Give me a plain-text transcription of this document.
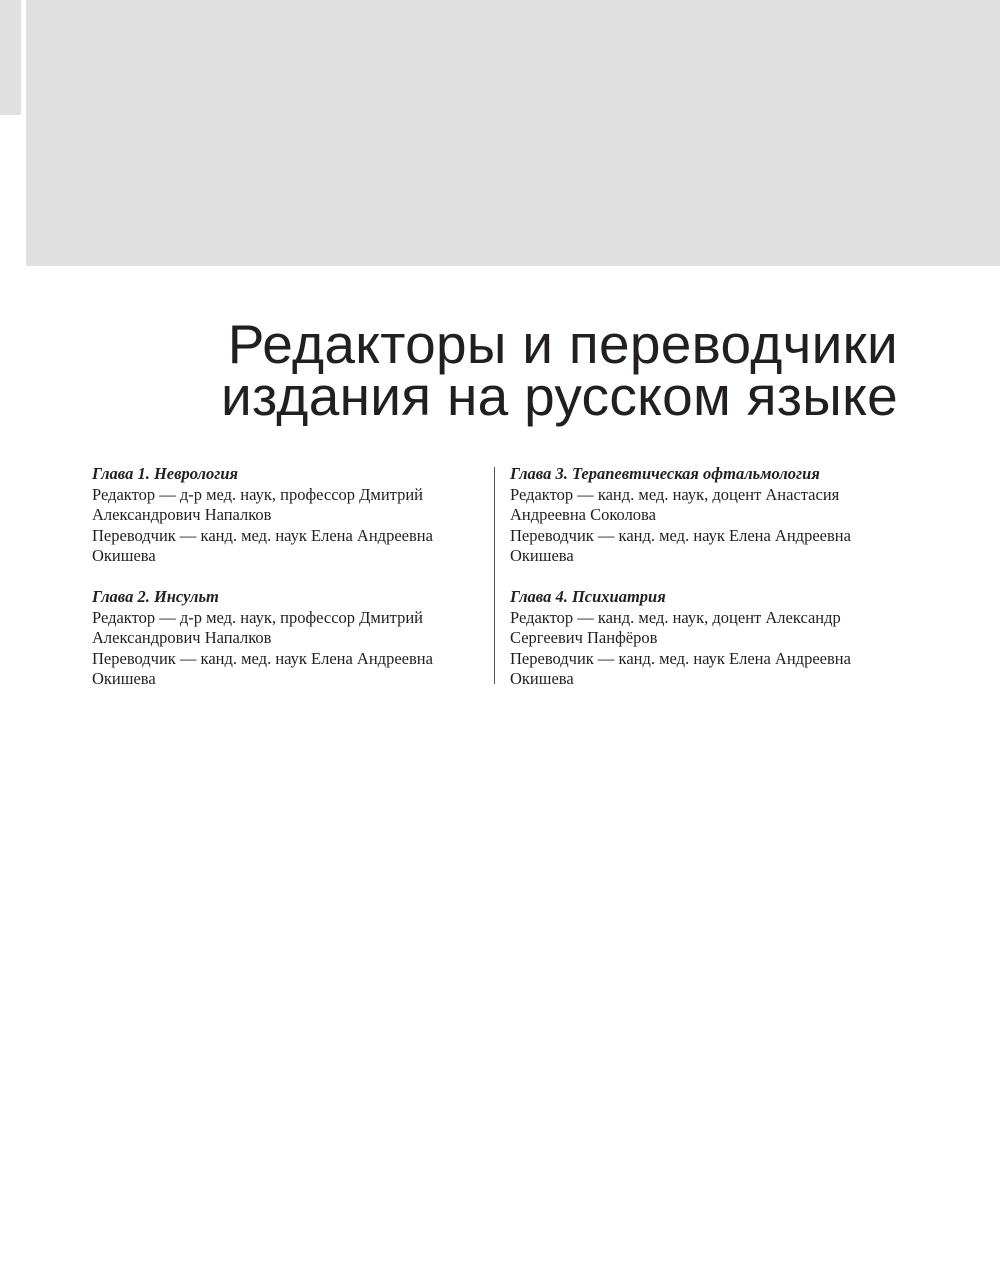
Редакторы и переводчики
издания на русском языке
Глава 1. Неврология
Редактор — д-р мед. наук, профессор Дмитрий Александрович Напалков
Переводчик — канд. мед. наук Елена Андреевна Окишева
Глава 2. Инсульт
Редактор — д-р мед. наук, профессор Дмитрий Александрович Напалков
Переводчик — канд. мед. наук Елена Андреевна Окишева
Глава 3. Терапевтическая офтальмология
Редактор — канд. мед. наук, доцент Анастасия Андреевна Соколова
Переводчик — канд. мед. наук Елена Андреевна Окишева
Глава 4. Психиатрия
Редактор — канд. мед. наук, доцент Александр Сергеевич Панфёров
Переводчик — канд. мед. наук Елена Андреевна Окишева
